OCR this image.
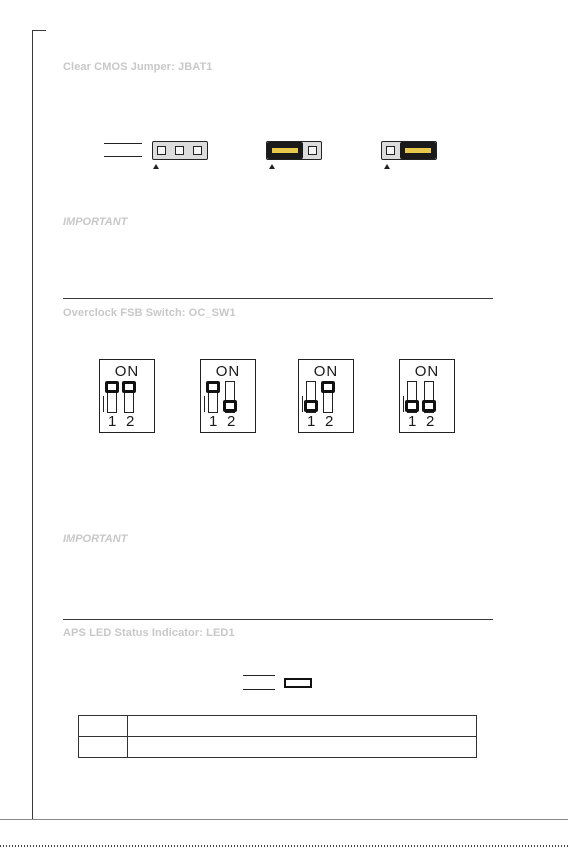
Clear CMOS Jumper: JBAT1
IMPORTANT
Overclock FSB Switch: OC_SW1
ON
1 2
ON
1 2
ON
1 2
ON
1 2
IMPORTANT
APS LED Status Indicator: LED1
